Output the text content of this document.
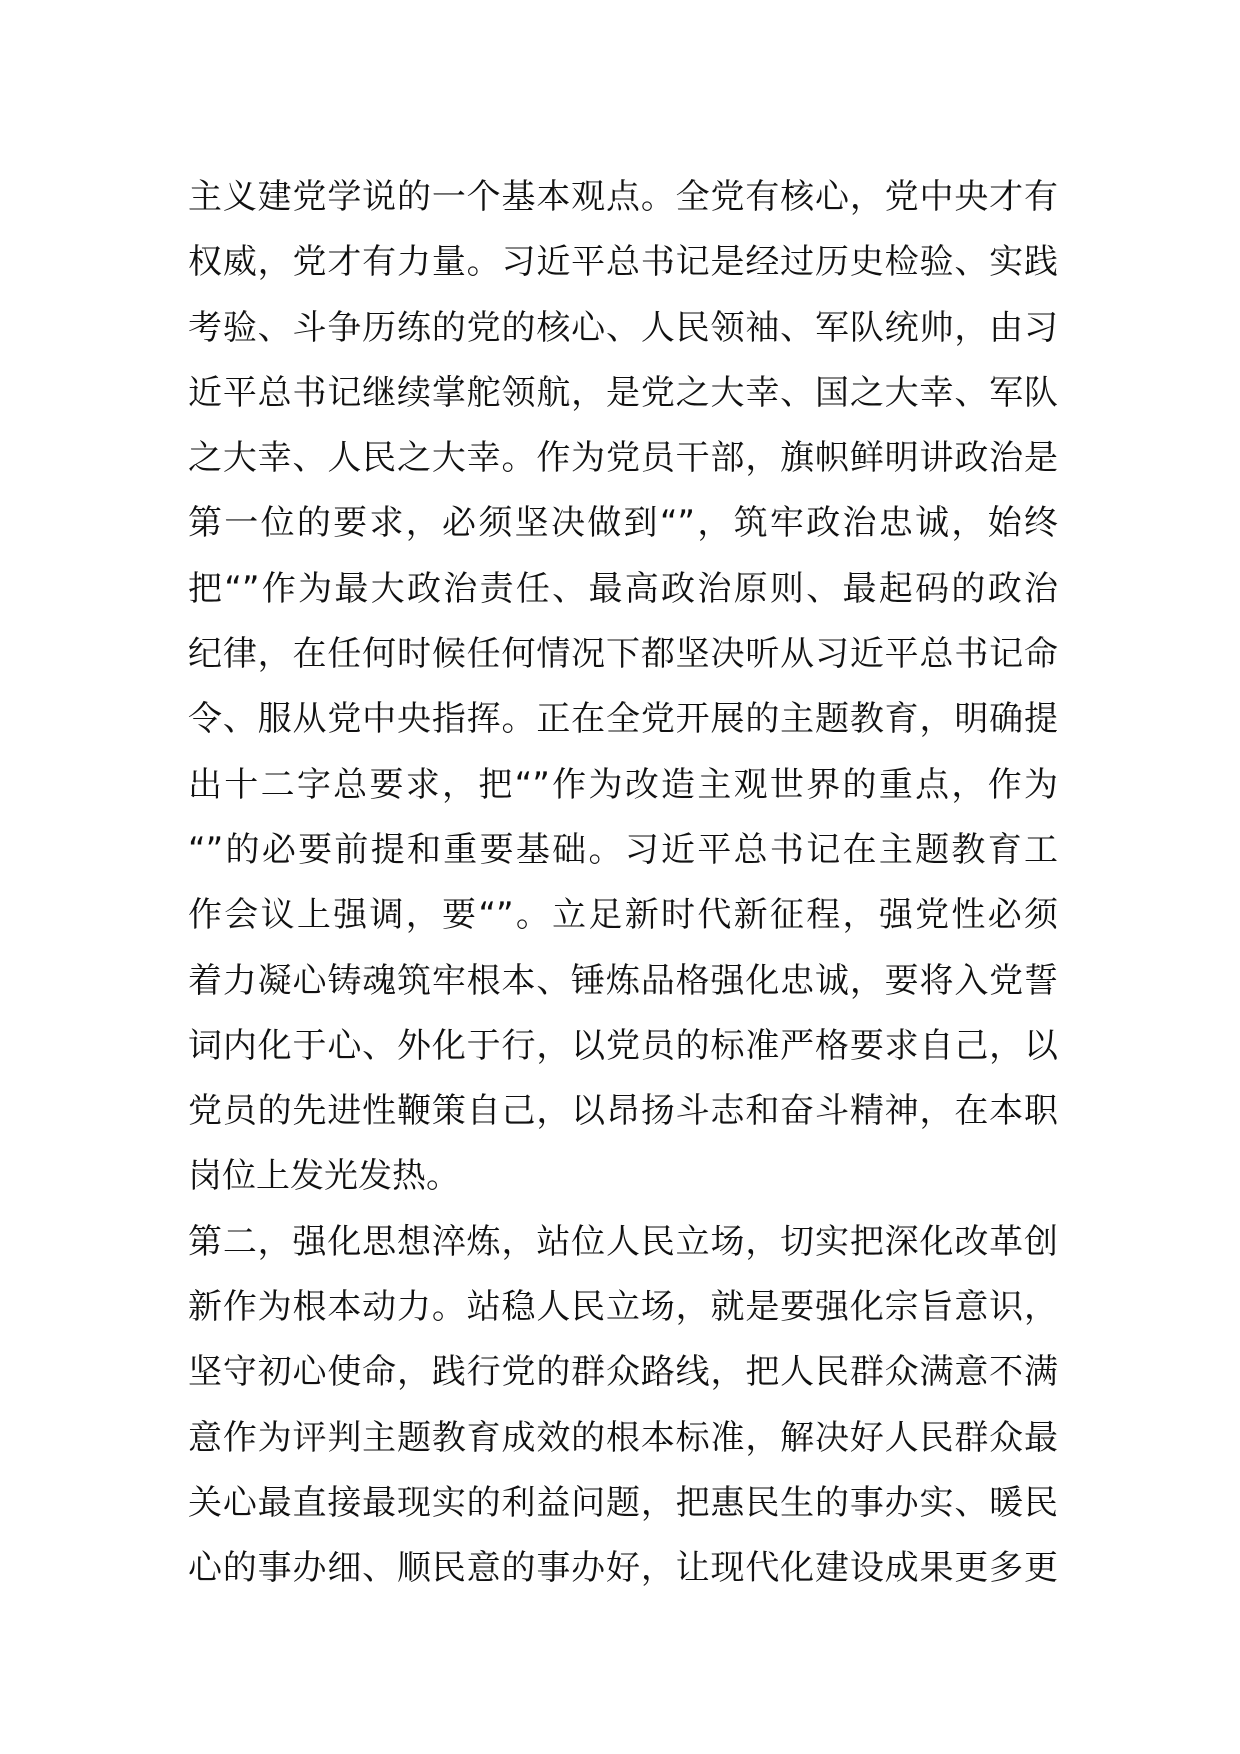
主义建党学说的一个基本观点。全党有核心，党中央才有
权威，党才有力量。习近平总书记是经过历史检验、实践
考验、斗争历练的党的核心、人民领袖、军队统帅，由习
近平总书记继续掌舵领航，是党之大幸、国之大幸、军队
之大幸、人民之大幸。作为党员干部，旗帜鲜明讲政治是
第一位的要求，必须坚决做到“”，筑牢政治忠诚，始终
把“”作为最大政治责任、最高政治原则、最起码的政治
纪律，在任何时候任何情况下都坚决听从习近平总书记命
令、服从党中央指挥。正在全党开展的主题教育，明确提
出十二字总要求，把“”作为改造主观世界的重点，作为
“”的必要前提和重要基础。习近平总书记在主题教育工
作会议上强调，要“”。立足新时代新征程，强党性必须
着力凝心铸魂筑牢根本、锤炼品格强化忠诚，要将入党誓
词内化于心、外化于行，以党员的标准严格要求自己，以
党员的先进性鞭策自己，以昂扬斗志和奋斗精神，在本职
岗位上发光发热。
第二，强化思想淬炼，站位人民立场，切实把深化改革创
新作为根本动力。站稳人民立场，就是要强化宗旨意识，
坚守初心使命，践行党的群众路线，把人民群众满意不满
意作为评判主题教育成效的根本标准，解决好人民群众最
关心最直接最现实的利益问题，把惠民生的事办实、暖民
心的事办细、顺民意的事办好，让现代化建设成果更多更
